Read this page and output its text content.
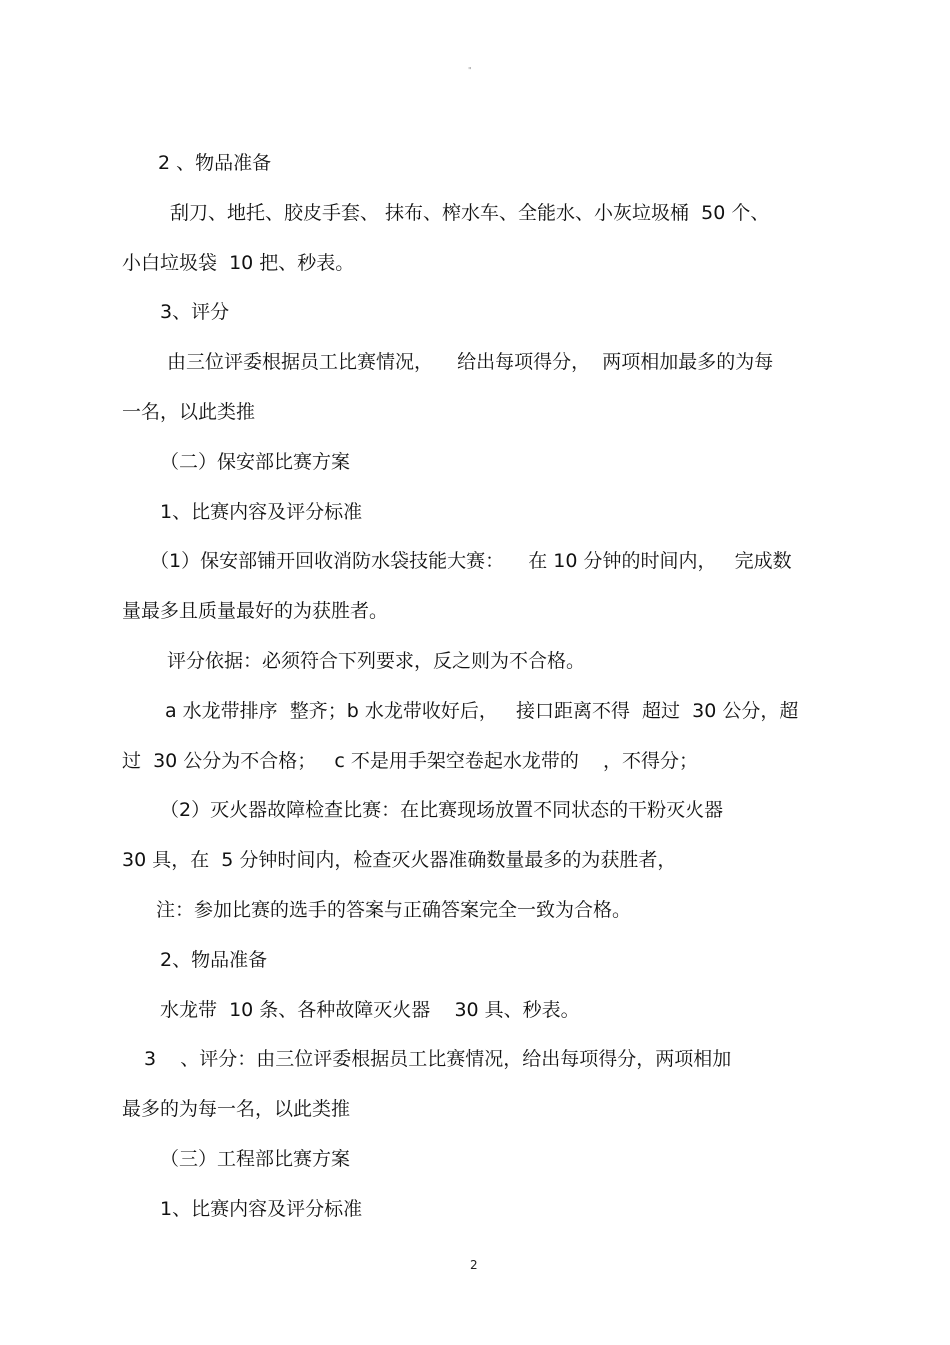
"
2 、物品准备
刮刀、地托、胶皮手套、 抹布、榨水车、全能水、小灰垃圾桶  50 个、
小白垃圾袋  10 把、秒表。
3、评分
由三位评委根据员工比赛情况，    给出每项得分，  两项相加最多的为每
一名，以此类推
（二）保安部比赛方案
1、比赛内容及评分标准
（1）保安部铺开回收消防水袋技能大赛：    在 10 分钟的时间内，   完成数
量最多且质量最好的为获胜者。
评分依据：必须符合下列要求，反之则为不合格。
a 水龙带排序  整齐；b 水龙带收好后，   接口距离不得  超过  30 公分，超
过  30 公分为不合格；   c 不是用手架空卷起水龙带的    ，不得分；
（2）灭火器故障检查比赛：在比赛现场放置不同状态的干粉灭火器
30 具，在  5 分钟时间内，检查灭火器准确数量最多的为获胜者，
注：参加比赛的选手的答案与正确答案完全一致为合格。
2、物品准备
水龙带  10 条、各种故障灭火器    30 具、秒表。
3    、评分：由三位评委根据员工比赛情况，给出每项得分，两项相加
最多的为每一名，以此类推
（三）工程部比赛方案
1、比赛内容及评分标准
2
